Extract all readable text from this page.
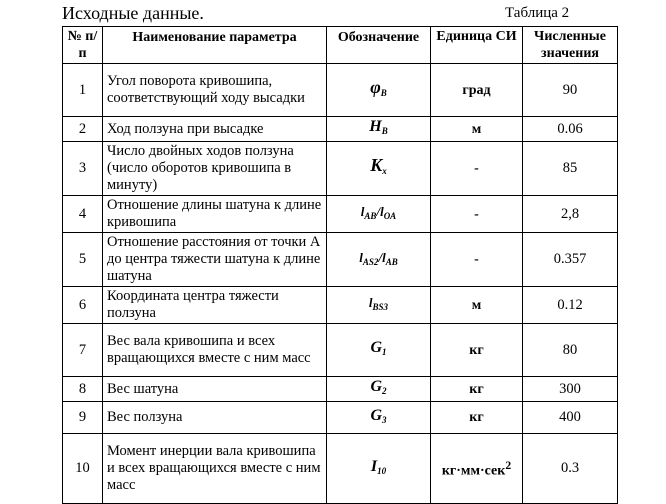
Исходные данные.	Таблица 2
№ п/п	Наименование параметра	Обозначение	Единица СИ	Численные значения
1	Угол поворота кривошипа, соответствующий ходу высадки	$\varphi_В$	град	90
2	Ход ползуна при высадке	$H_В$	м	0.06
3	Число двойных ходов ползуна (число оборотов кривошипа в минуту)	$K_x$	-	85
4	Отношение длины шатуна к длине кривошипа	$l_{AB}/l_{OA}$	-	2,8
5	Отношение расстояния от точки А до центра тяжести шатуна к длине шатуна	$l_{AS2}/l_{AB}$	-	0.357
6	Координата центра тяжести ползуна	$l_{BS3}$	м	0.12
7	Вес вала кривошипа и всех вращающихся вместе с ним масс	$G_1$	кг	80
8	Вес шатуна	$G_2$	кг	300
9	Вес ползуна	$G_3$	кг	400
10	Момент инерции вала кривошипа и всех вращающихся вместе с ним масс	$I_{10}$	кг·мм·сек$^2$	0.3
